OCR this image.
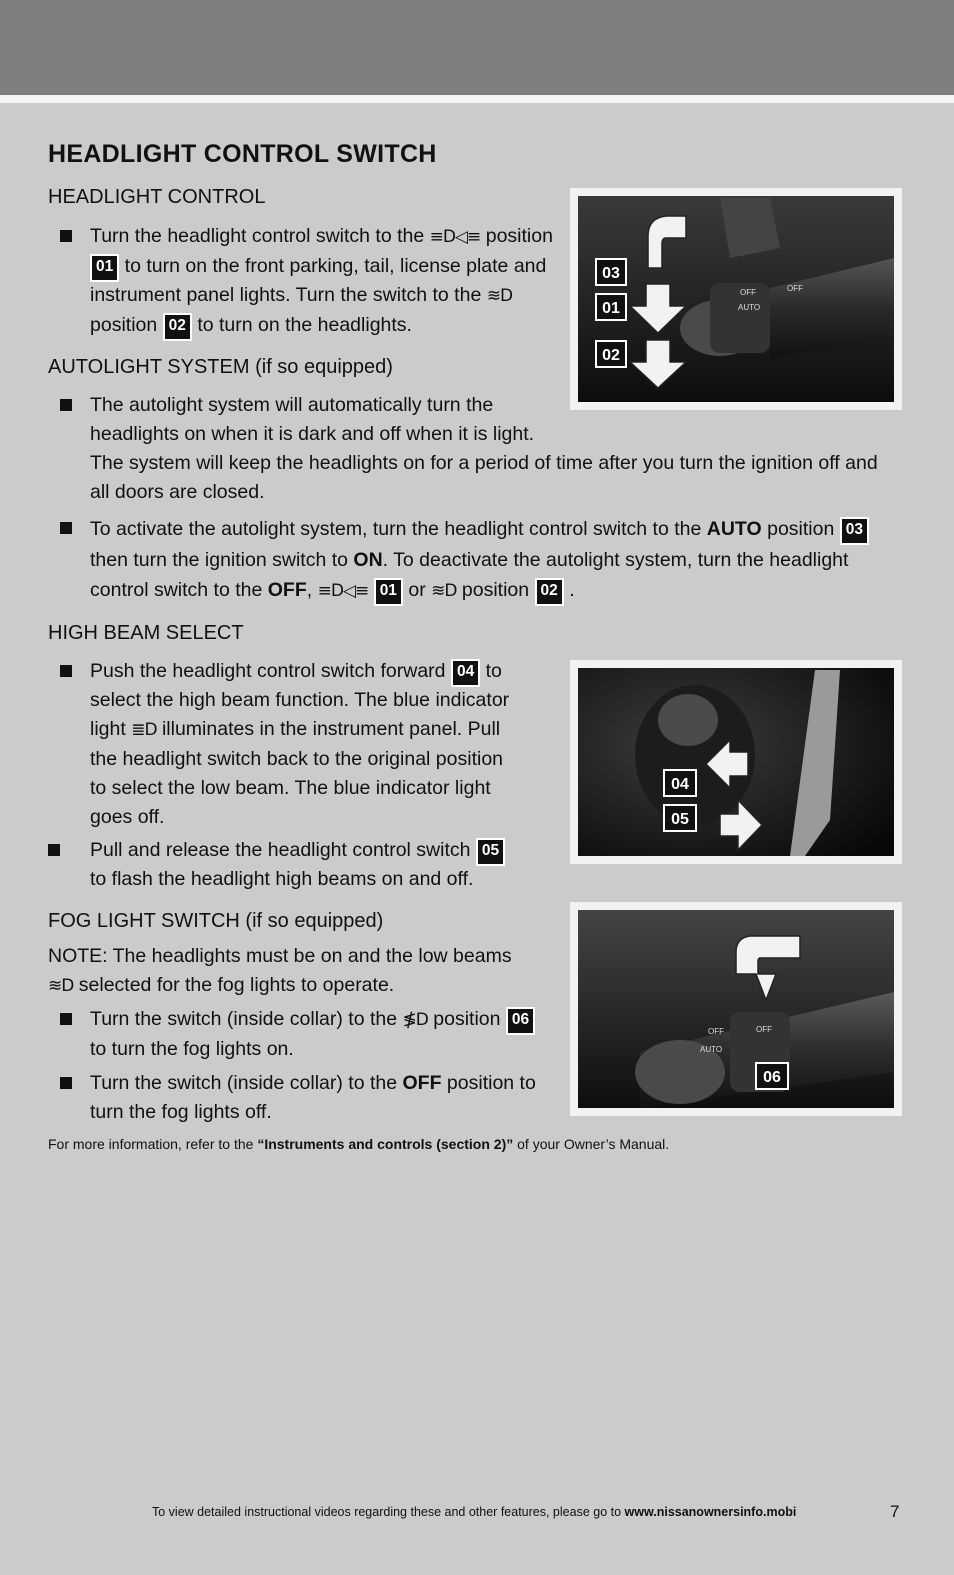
HEADLIGHT CONTROL SWITCH
HEADLIGHT CONTROL
Turn the headlight control switch to the ≡D◁≡ position
01 to turn on the front parking, tail, license plate and
instrument panel lights. Turn the switch to the ≋D
position 02 to turn on the headlights.
AUTOLIGHT SYSTEM (if so equipped)
The autolight system will automatically turn the
headlights on when it is dark and off when it is light.
The system will keep the headlights on for a period of time after you turn the ignition off and
all doors are closed.
To activate the autolight system, turn the headlight control switch to the AUTO position 03
then turn the ignition switch to ON. To deactivate the autolight system, turn the headlight
control switch to the OFF, ≡D◁≡ 01 or ≋D position 02 .
HIGH BEAM SELECT
Push the headlight control switch forward 04 to
select the high beam function. The blue indicator
light ≣D illuminates in the instrument panel. Pull
the headlight switch back to the original position
to select the low beam. The blue indicator light
goes off.
Pull and release the headlight control switch 05
to flash the headlight high beams on and off.
FOG LIGHT SWITCH (if so equipped)
NOTE: The headlights must be on and the low beams
≋D selected for the fog lights to operate.
Turn the switch (inside collar) to the ≸D position 06
to turn the fog lights on.
Turn the switch (inside collar) to the OFF position to
turn the fog lights off.
For more information, refer to the “Instruments and controls (section 2)” of your Owner’s Manual.
OFF
AUTO
OFF
03
01
02
04
05
OFF
AUTO
OFF
06
To view detailed instructional videos regarding these and other features, please go to www.nissanownersinfo.mobi	7
